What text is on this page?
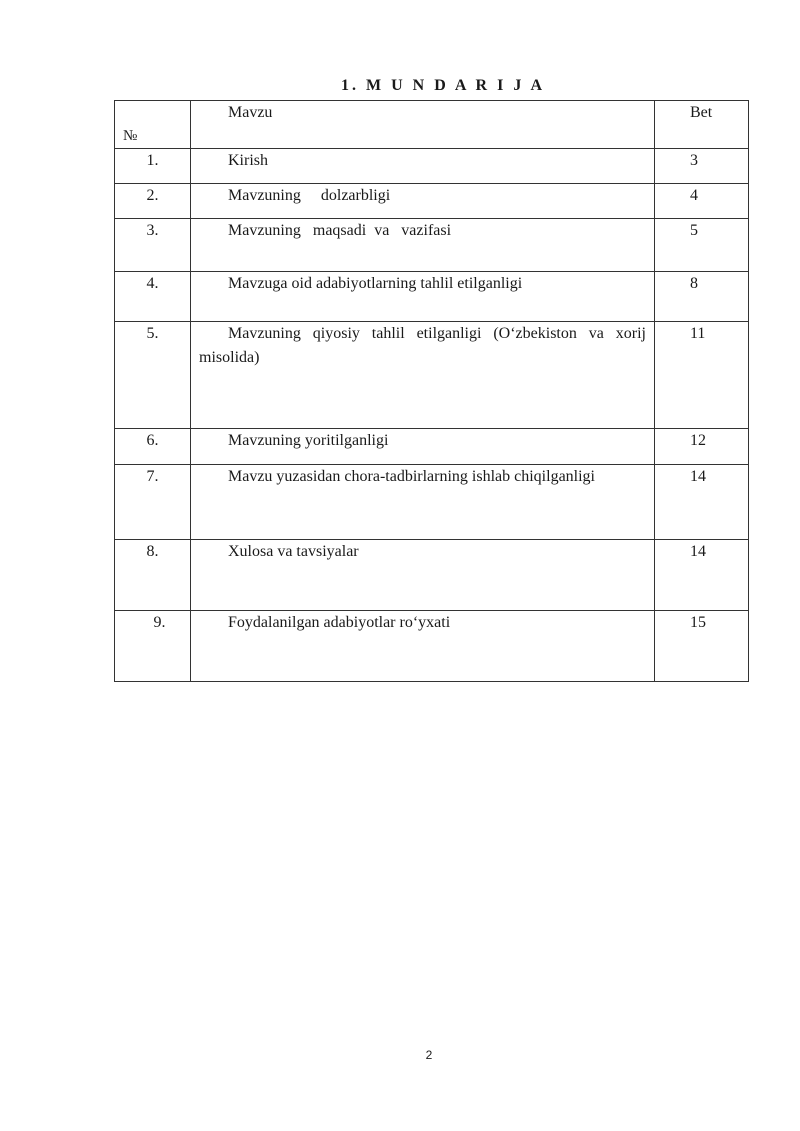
1. M U N D A R I J A
№	Mavzu	Bet
1.	Kirish	3
2.	Mavzuning     dolzarbligi	4
3.	Mavzuning   maqsadi  va   vazifasi	5
4.	Mavzuga oid adabiyotlarning tahlil etilganligi	8
5.	Mavzuning qiyosiy tahlil etilganligi (O‘zbekiston va xorij misolida)	11
6.	Mavzuning yoritilganligi	12
7.	Mavzu yuzasidan chora-tadbirlarning ishlab chiqilganligi	14
8.	Xulosa va tavsiyalar	14
9.	Foydalanilgan adabiyotlar ro‘yxati	15
2
